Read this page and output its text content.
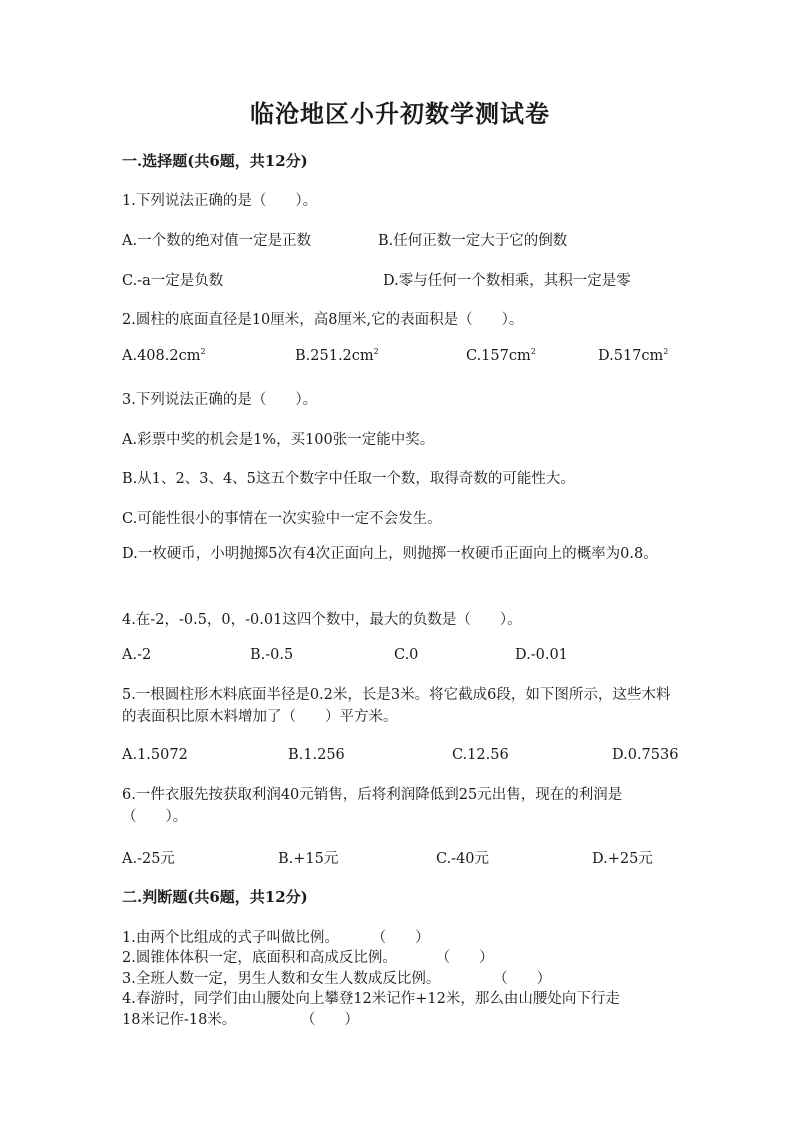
临沧地区小升初数学测试卷
一.选择题(共6题，共12分)
1.下列说法正确的是（　　）。
A.一个数的绝对值一定是正数	B.任何正数一定大于它的倒数
C.-a一定是负数	D.零与任何一个数相乘，其积一定是零
2.圆柱的底面直径是10厘米，高8厘米,它的表面积是（　　）。
$A.408.2cm^2$	$B.251.2cm^2$	$C.157cm^2$	$D.517cm^2$
3.下列说法正确的是（　　）。
A.彩票中奖的机会是1%，买100张一定能中奖。
B.从1、2、3、4、5这五个数字中任取一个数，取得奇数的可能性大。
C.可能性很小的事情在一次实验中一定不会发生。
D.一枚硬币，小明抛掷5次有4次正面向上，则抛掷一枚硬币正面向上的概率为0.8。
4.在-2，-0.5，0，-0.01这四个数中，最大的负数是（　　）。
A.-2	B.-0.5	C.0	D.-0.01
5.一根圆柱形木料底面半径是0.2米，长是3米。将它截成6段，如下图所示，这些木料的表面积比原木料增加了（　　）平方米。
A.1.5072	B.1.256	C.12.56	D.0.7536
6.一件衣服先按获取利润40元销售，后将利润降低到25元出售，现在的利润是（　　）。
A.-25元	B.+15元	C.-40元	D.+25元
二.判断题(共6题，共12分)
1.由两个比组成的式子叫做比例。	（　　）
2.圆锥体体积一定，底面积和高成反比例。	（　　）
3.全班人数一定，男生人数和女生人数成反比例。	（　　）
4.春游时，同学们由山腰处向上攀登12米记作+12米，那么由山腰处向下行走
18米记作-18米。	（　　）
